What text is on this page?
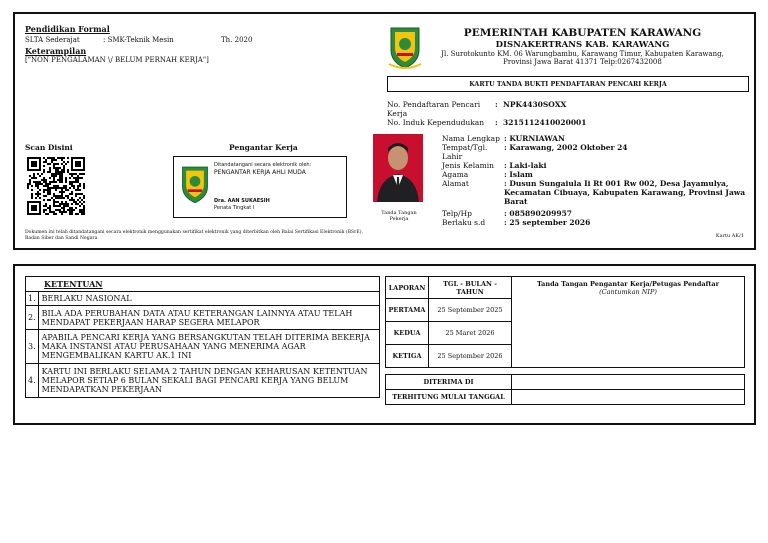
Pendidikan Formal
SLTA Sederajat	: SMK-Teknik Mesin	Th. 2020
Keterampilan
["NON PENGALAMAN \/ BELUM PERNAH KERJA"]
PEMERINTAH KABUPATEN KARAWANG
DISNAKERTRANS KAB. KARAWANG
Jl. Surotokunto KM. 06 Warungbambu, Karawang Timur, Kabupaten Karawang,
Provinsi Jawa Barat 41371 Telp:0267432008
KARTU TANDA BUKTI PENDAFTARAN PENCARI KERJA
No. Pendaftaran Pencari Kerja
: NPK4430SOXX
No. Induk Kependudukan	: 3215112410020001
Scan Disini	Pengantar Kerja
Ditandatangani secara elektronik oleh:
PENGANTAR KERJA AHLI MUDA
Dra. AAN SUKAESIH
Penata Tingkat I
Tanda Tangan
Pekerja
Nama Lengkap : KURNIAWAN
Tempat/Tgl. Lahir
: Karawang, 2002 Oktober 24
Jenis Kelamin	: Laki-laki
Agama	: Islam
Alamat	: Dusun Sungaiula Ii Rt 001 Rw 002, Desa Jayamulya, Kecamatan Cibuaya, Kabupaten Karawang, Provinsi Jawa Barat
Telp/Hp	: 085890209957
Berlaku s.d	: 25 september 2026
Dokumen ini telah ditandatangani secara elektronik menggunakan sertifikat elektronik yang diterbitkan oleh Balai Sertifikasi Elektronik (BSrE),
Badan Siber dan Sandi Negara	Kartu AK/1
KETENTUAN	
1.	BERLAKU NASIONAL
2.	BILA ADA PERUBAHAN DATA ATAU KETERANGAN LAINNYA ATAU TELAH MENDAPAT PEKERJAAN HARAP SEGERA MELAPOR
3.	APABILA PENCARI KERJA YANG BERSANGKUTAN TELAH DITERIMA BEKERJA MAKA INSTANSI ATAU PERUSAHAAN YANG MENERIMA AGAR MENGEMBALIKAN KARTU AK.1 INI
4.	KARTU INI BERLAKU SELAMA 2 TAHUN DENGAN KEHARUSAN KETENTUAN MELAPOR SETIAP 6 BULAN SEKALI BAGI PENCARI KERJA YANG BELUM MENDAPATKAN PEKERJAAN
LAPORAN	TGL - BULAN - TAHUN	Tanda Tangan Pengantar Kerja/Petugas Pendaftar
(Cantumkan NIP)

PERTAMA	25 September 2025	
KEDUA	25 Maret 2026	
KETIGA	25 September 2026	

DITERIMA DI		
TERHITUNG MULAI TANGGAL		
